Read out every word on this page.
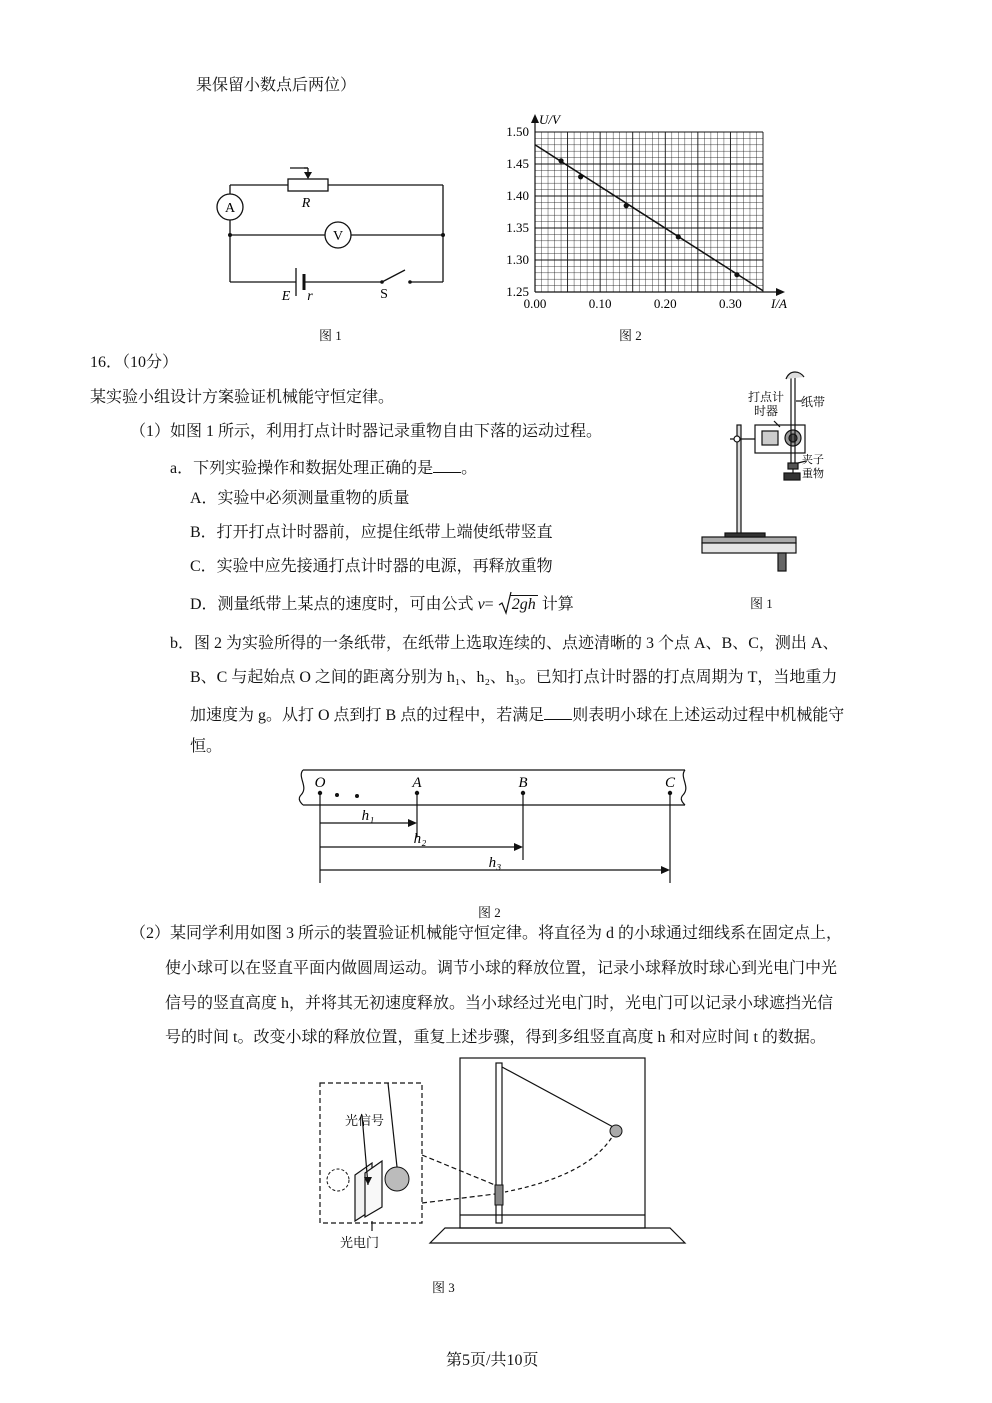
果保留小数点后两位）
A
V
R
E r	S
图 1
0.00	0.10	0.20	0.30
1.25
1.30
1.35
1.40
1.45
1.50
I/A
U/V
图 2
16．（10分）
某实验小组设计方案验证机械能守恒定律。
（1）如图 1 所示，利用打点计时器记录重物自由下落的运动过程。
a．下列实验操作和数据处理正确的是 。
A．实验中必须测量重物的质量
B．打开打点计时器前，应提住纸带上端使纸带竖直
C．实验中应先接通打点计时器的电源，再释放重物
D．测量纸带上某点的速度时，可由公式 v= 2gh 计算
打点计
时器
纸带
夹子
重物
图 1
b．图 2 为实验所得的一条纸带，在纸带上选取连续的、点迹清晰的 3 个点 A、B、C，测出 A、
B、C 与起始点 O 之间的距离分别为 h₁、h₂、h₃。已知打点计时器的打点周期为 T，当地重力
加速度为 g。从打 O 点到打 B 点的过程中，若满足 则表明小球在上述运动过程中机械能守
恒。
O	A	B	C
h₁
h₂
h₃
图 2
（2）某同学利用如图 3 所示的装置验证机械能守恒定律。将直径为 d 的小球通过细线系在固定点上，
使小球可以在竖直平面内做圆周运动。调节小球的释放位置，记录小球释放时球心到光电门中光
信号的竖直高度 h，并将其无初速度释放。当小球经过光电门时，光电门可以记录小球遮挡光信
号的时间 t。改变小球的释放位置，重复上述步骤，得到多组竖直高度 h 和对应时间 t 的数据。
光信号
光电门
图 3
第5页/共10页
